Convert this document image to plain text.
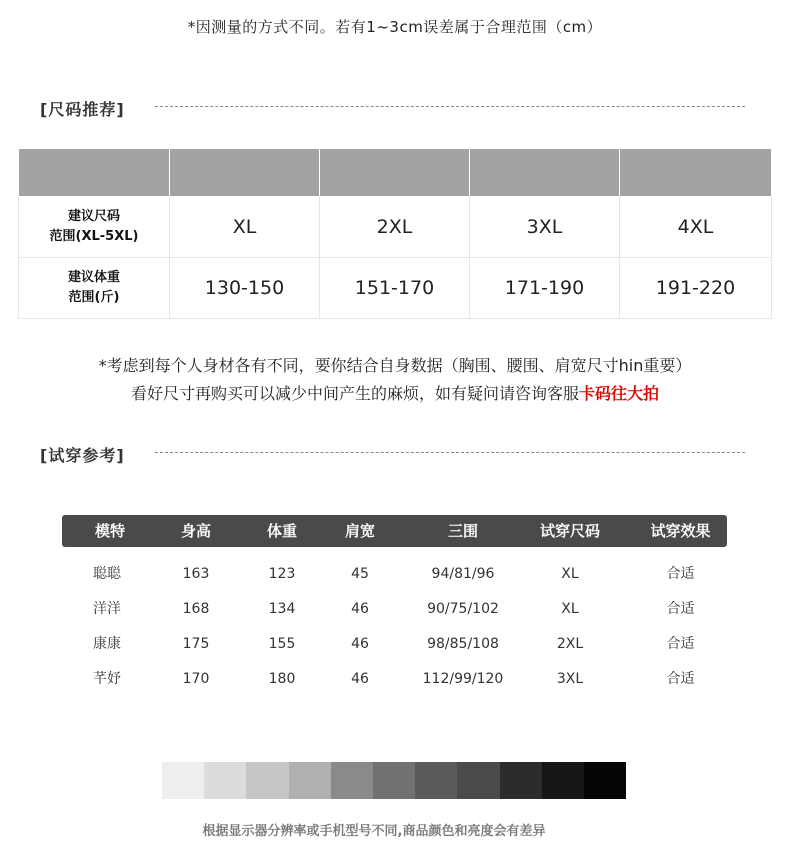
*因测量的方式不同。若有1~3cm误差属于合理范围（cm）
[尺码推荐]

建议尺码
范围(XL-5XL)	XL	2XL	3XL	4XL

建议体重
范围(斤)	130-150	151-170	171-190	191-220
*考虑到每个人身材各有不同，要你结合自身数据（胸围、腰围、肩宽尺寸hin重要）
看好尺寸再购买可以减少中间产生的麻烦，如有疑问请咨询客服卡码往大拍
[试穿参考]
模特	身高	体重	肩宽	三围	试穿尺码	试穿效果
聪聪	163	123	45	94/81/96	XL	合适
洋洋	168	134	46	90/75/102	XL	合适
康康	175	155	46	98/85/108	2XL	合适
芊妤	170	180	46	112/99/120	3XL	合适
根据显示器分辨率或手机型号不同,商品颜色和亮度会有差异
